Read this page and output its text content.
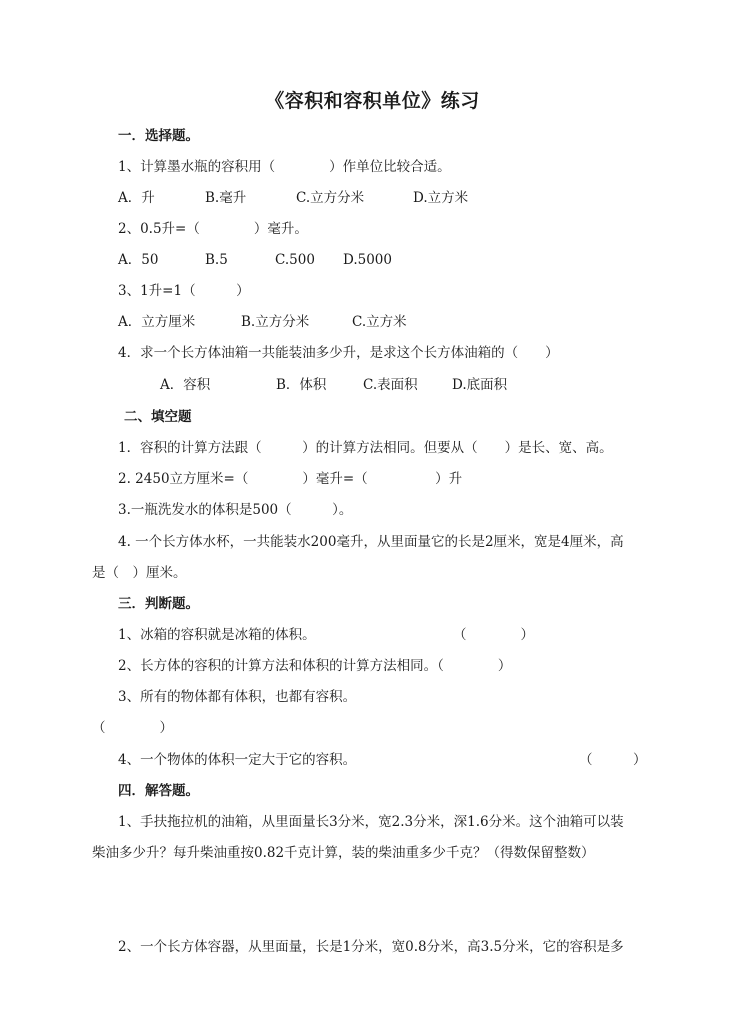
《容积和容积单位》练习
一．选择题。
1、计算墨水瓶的容积用（　　　　）作单位比较合适。
A．升	B.毫升	C.立方分米	D.立方米
2、0.5升=（　　　　）毫升。
A．50	B.5	C.500 D.5000
3、1升=1（　　　）
A．立方厘米	B.立方分米	C.立方米
4．求一个长方体油箱一共能装油多少升，是求这个长方体油箱的（　　）
A．容积	B．体积	C.表面积	D.底面积
二、填空题
1．容积的计算方法跟（　　　）的计算方法相同。但要从（　　）是长、宽、高。
2. 2450立方厘米=（　　　　）毫升=（　　　　　）升
3.一瓶洗发水的体积是500（　　　）。
4. 一个长方体水杯，一共能装水200毫升，从里面量它的长是2厘米，宽是4厘米，高
是（　）厘米。
三．判断题。
1、冰箱的容积就是冰箱的体积。	（　　　　）
2、长方体的容积的计算方法和体积的计算方法相同。（　　　　）
3、所有的物体都有体积，也都有容积。
（　　　　）
4、一个物体的体积一定大于它的容积。	（　　　）
四．解答题。
1、手扶拖拉机的油箱，从里面量长3分米，宽2.3分米，深1.6分米。这个油箱可以装
柴油多少升？每升柴油重按0.82千克计算，装的柴油重多少千克？（得数保留整数）
2、一个长方体容器，从里面量，长是1分米，宽0.8分米，高3.5分米，它的容积是多
